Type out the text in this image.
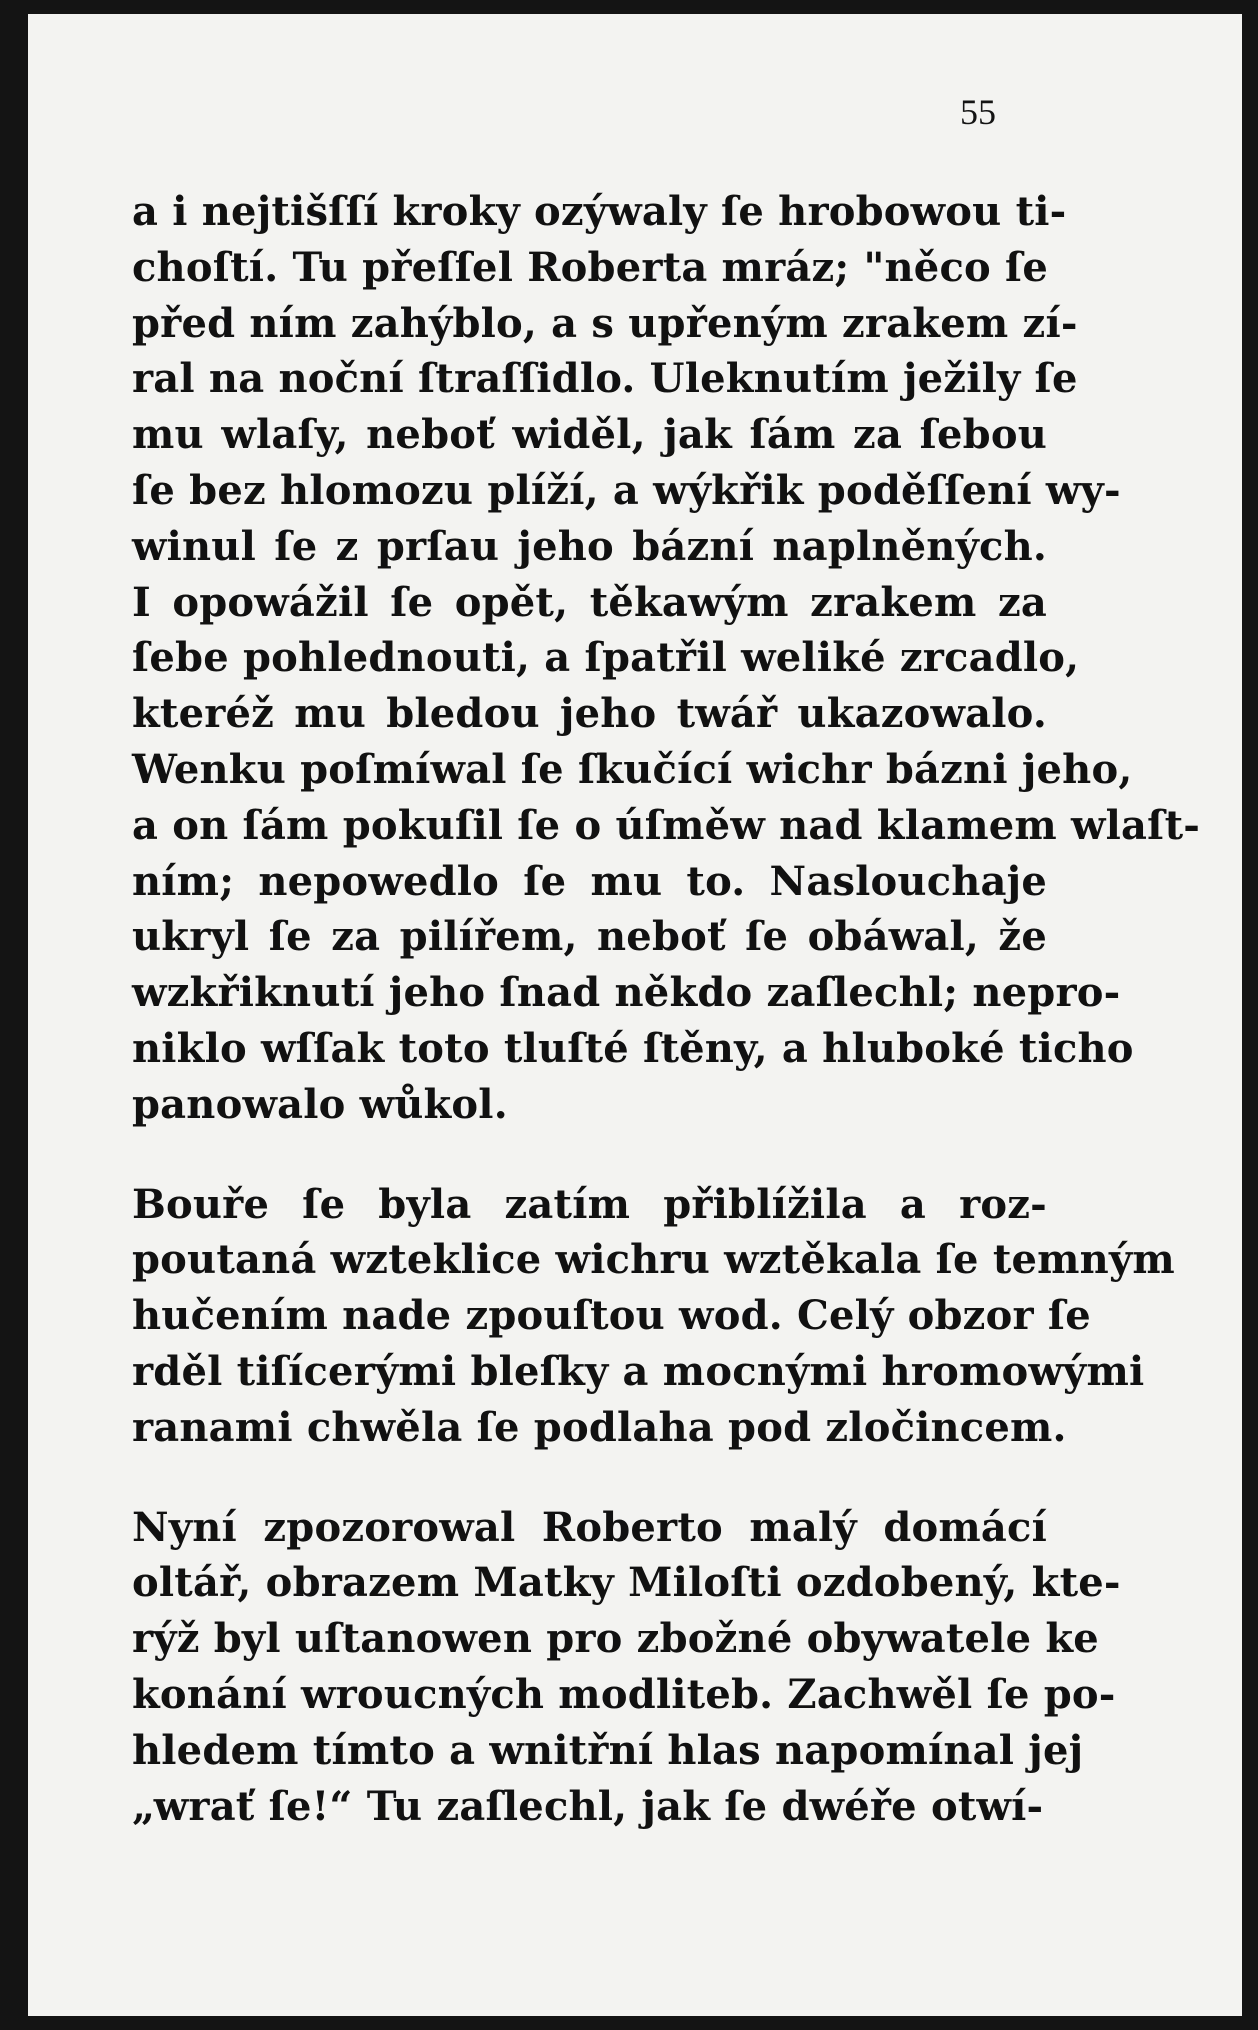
55

a i nejtišſſí kroky ozýwaly ſe hrobowou ti-
choſtí. Tu přeſſel Roberta mráz; "něco ſe
před ním zahýblo, a s upřeným zrakem zí-
ral na noční ſtraſſidlo. Uleknutím ježily ſe
mu wlaſy, neboť widěl, jak ſám za ſebou
ſe bez hlomozu plíží, a wýkřik poděſſení wy-
winul ſe z prſau jeho bázní naplněných.
I opowážil ſe opět, těkawým zrakem za
ſebe pohlednouti, a ſpatřil weliké zrcadlo,
kteréž mu bledou jeho twář ukazowalo.
Wenku poſmíwal ſe ſkučící wichr bázni jeho,
a on ſám pokuſil ſe o úſměw nad klamem wlaſt-
ním; nepowedlo ſe mu to. Naslouchaje
ukryl ſe za pilířem, neboť ſe obáwal, že
wzkřiknutí jeho ſnad někdo zaſlechl; nepro-
niklo wſſak toto tluſté ſtěny, a hluboké ticho
panowalo wůkol.

Bouře ſe byla zatím přiblížila a roz-
poutaná wzteklice wichru wztěkala ſe temným
hučením nade zpouſtou wod. Celý obzor ſe
rděl tiſícerými bleſky a mocnými hromowými
ranami chwěla ſe podlaha pod zločincem.

Nyní zpozorowal Roberto malý domácí
oltář, obrazem Matky Miloſti ozdobený, kte-
rýž byl uſtanowen pro zbožné obywatele ke
konání wroucných modliteb. Zachwěl ſe po-
hledem tímto a wnitřní hlas napomínal jej
„wrať ſe!“ Tu zaſlechl, jak ſe dwéře otwí-
